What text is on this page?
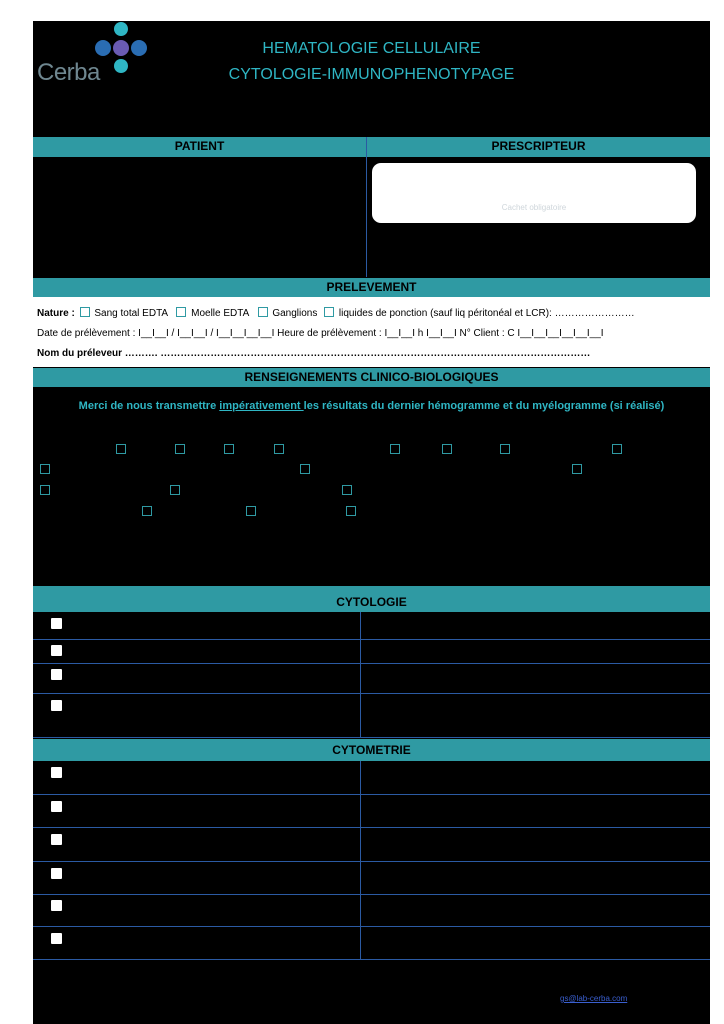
Cerba
HEMATOLOGIE CELLULAIRE
CYTOLOGIE-IMMUNOPHENOTYPAGE
PATIENT	PRESCRIPTEUR
Cachet obligatoire
PRELEVEMENT
Nature : Sang total EDTA Moelle EDTA Ganglions liquides de ponction (sauf liq péritonéal et LCR): ……………………
Date de prélèvement : I__I__I / I__I__I / I__I__I__I__I Heure de prélèvement : I__I__I h I__I__I N° Client : C I__I__I__I__I__I__I
Nom du préleveur ………. …………………………………………………………………………………………………………………
RENSEIGNEMENTS CLINICO-BIOLOGIQUES
Merci de nous transmettre impérativement les résultats du dernier hémogramme et du myélogramme (si réalisé)
CYTOLOGIE
CYTOMETRIE
gs@lab-cerba.com
